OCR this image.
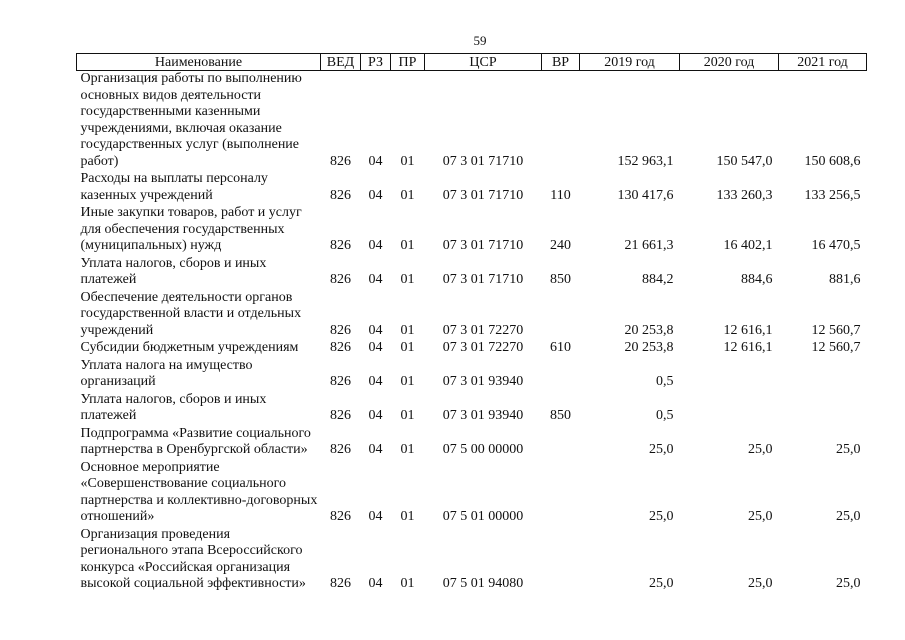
59
Наименование	ВЕД	РЗ	ПР	ЦСР	ВР	2019 год	2020 год	2021 год
Организация работы по выполнению основных видов деятельности государственными казенными учреждениями, включая оказание государственных услуг (выполнение работ)	826	04	01	07 3 01 71710		152 963,1	150 547,0	150 608,6
Расходы на выплаты персоналу казенных учреждений	826	04	01	07 3 01 71710	110	130 417,6	133 260,3	133 256,5
Иные закупки товаров, работ и услуг для обеспечения государственных (муниципальных) нужд	826	04	01	07 3 01 71710	240	21 661,3	16 402,1	16 470,5
Уплата налогов, сборов и иных платежей	826	04	01	07 3 01 71710	850	884,2	884,6	881,6
Обеспечение деятельности органов государственной власти и отдельных учреждений	826	04	01	07 3 01 72270		20 253,8	12 616,1	12 560,7
Субсидии бюджетным учреждениям	826	04	01	07 3 01 72270	610	20 253,8	12 616,1	12 560,7
Уплата налога на имущество организаций	826	04	01	07 3 01 93940		0,5		
Уплата налогов, сборов и иных платежей	826	04	01	07 3 01 93940	850	0,5		
Подпрограмма «Развитие социального партнерства в Оренбургской области»	826	04	01	07 5 00 00000		25,0	25,0	25,0
Основное мероприятие «Совершенствование социального партнерства и коллективно-договорных отношений»	826	04	01	07 5 01 00000		25,0	25,0	25,0
Организация проведения регионального этапа Всероссийского конкурса «Российская организация высокой социальной эффективности»	826	04	01	07 5 01 94080		25,0	25,0	25,0
